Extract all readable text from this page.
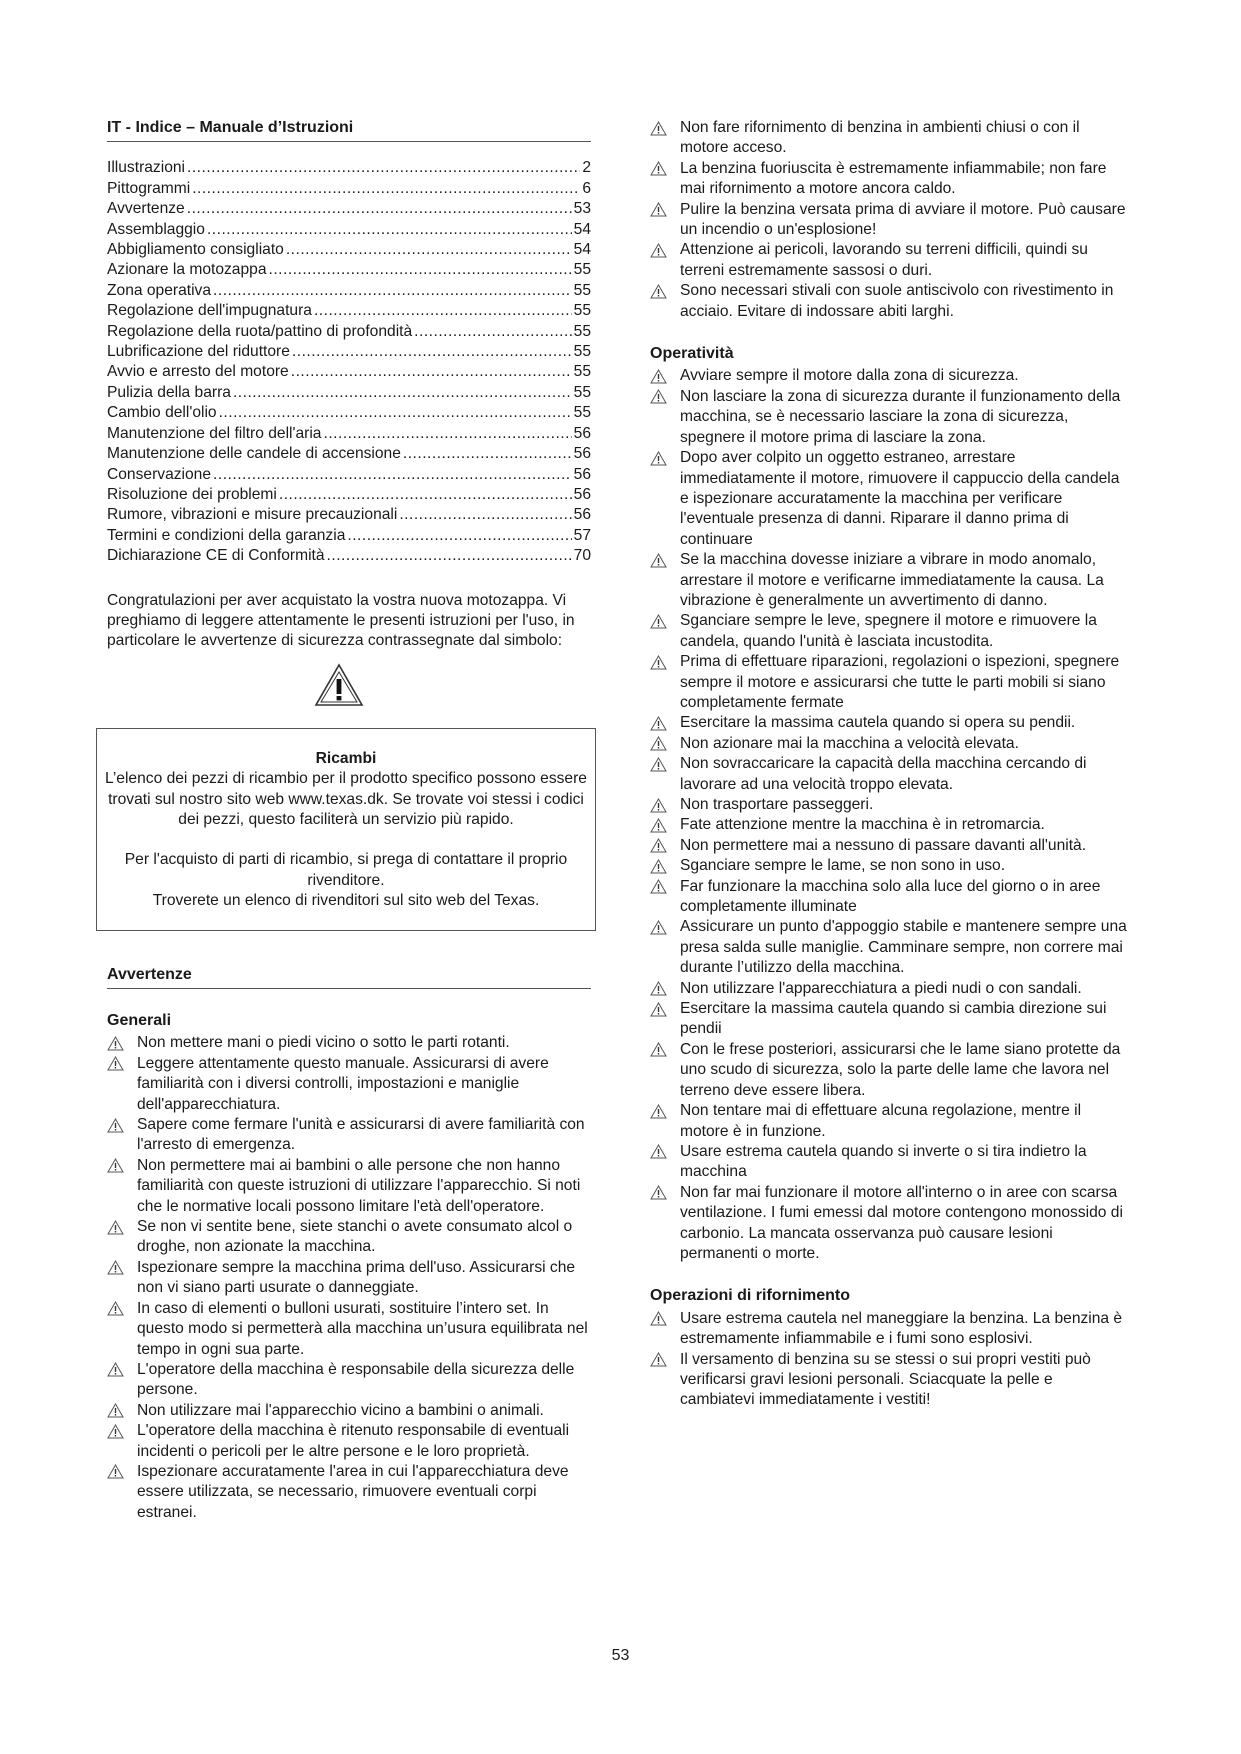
IT - Indice – Manuale d’Istruzioni
Illustrazioni .....	2
Pittogrammi .....	6
Avvertenze .....	53
Assemblaggio .....	54
Abbigliamento consigliato .....	54
Azionare la motozappa .....	55
Zona operativa .....	55
Regolazione dell'impugnatura .....	55
Regolazione della ruota/pattino di profondità .....	55
Lubrificazione del riduttore .....	55
Avvio e arresto del motore .....	55
Pulizia della barra .....	55
Cambio dell'olio .....	55
Manutenzione del filtro dell'aria .....	56
Manutenzione delle candele di accensione .....	56
Conservazione .....	56
Risoluzione dei problemi .....	56
Rumore, vibrazioni e misure precauzionali .....	56
Termini e condizioni della garanzia .....	57
Dichiarazione CE di Conformità .....	70
Congratulazioni per aver acquistato la vostra nuova motozappa. Vi preghiamo di leggere attentamente le presenti istruzioni per l'uso, in particolare le avvertenze di sicurezza contrassegnate dal simbolo:
Ricambi

L’elenco dei pezzi di ricambio per il prodotto specifico possono essere trovati sul nostro sito web www.texas.dk. Se trovate voi stessi i codici dei pezzi, questo faciliterà un servizio più rapido.

Per l'acquisto di parti di ricambio, si prega di contattare il proprio rivenditore.

Troverete un elenco di rivenditori sul sito web del Texas.

Avvertenze
Generali
Non mettere mani o piedi vicino o sotto le parti rotanti.
Leggere attentamente questo manuale. Assicurarsi di avere familiarità con i diversi controlli, impostazioni e maniglie dell'apparecchiatura.
Sapere come fermare l'unità e assicurarsi di avere familiarità con l'arresto di emergenza.
Non permettere mai ai bambini o alle persone che non hanno familiarità con queste istruzioni di utilizzare l'apparecchio. Si noti che le normative locali possono limitare l'età dell'operatore.
Se non vi sentite bene, siete stanchi o avete consumato alcol o droghe, non azionate la macchina.
Ispezionare sempre la macchina prima dell'uso. Assicurarsi che non vi siano parti usurate o danneggiate.
In caso di elementi o bulloni usurati, sostituire l’intero set. In questo modo si permetterà alla macchina un’usura equilibrata nel tempo in ogni sua parte.
L'operatore della macchina è responsabile della sicurezza delle persone.
Non utilizzare mai l'apparecchio vicino a bambini o animali.
L'operatore della macchina è ritenuto responsabile di eventuali incidenti o pericoli per le altre persone e le loro proprietà.
Ispezionare accuratamente l'area in cui l'apparecchiatura deve essere utilizzata, se necessario, rimuovere eventuali corpi estranei.
Non fare rifornimento di benzina in ambienti chiusi o con il motore acceso.
La benzina fuoriuscita è estremamente infiammabile; non fare mai rifornimento a motore ancora caldo.
Pulire la benzina versata prima di avviare il motore. Può causare un incendio o un'esplosione!
Attenzione ai pericoli, lavorando su terreni difficili, quindi su terreni estremamente sassosi o duri.
Sono necessari stivali con suole antiscivolo con rivestimento in acciaio. Evitare di indossare abiti larghi.
Operatività
Avviare sempre il motore dalla zona di sicurezza.
Non lasciare la zona di sicurezza durante il funzionamento della macchina, se è necessario lasciare la zona di sicurezza, spegnere il motore prima di lasciare la zona.
Dopo aver colpito un oggetto estraneo, arrestare immediatamente il motore, rimuovere il cappuccio della candela e ispezionare accuratamente la macchina per verificare l'eventuale presenza di danni. Riparare il danno prima di continuare
Se la macchina dovesse iniziare a vibrare in modo anomalo, arrestare il motore e verificarne immediatamente la causa. La vibrazione è generalmente un avvertimento di danno.
Sganciare sempre le leve, spegnere il motore e rimuovere la candela, quando l'unità è lasciata incustodita.
Prima di effettuare riparazioni, regolazioni o ispezioni, spegnere sempre il motore e assicurarsi che tutte le parti mobili si siano completamente fermate
Esercitare la massima cautela quando si opera su pendii.
Non azionare mai la macchina a velocità elevata.
Non sovraccaricare la capacità della macchina cercando di lavorare ad una velocità troppo elevata.
Non trasportare passeggeri.
Fate attenzione mentre la macchina è in retromarcia.
Non permettere mai a nessuno di passare davanti all'unità.
Sganciare sempre le lame, se non sono in uso.
Far funzionare la macchina solo alla luce del giorno o in aree completamente illuminate
Assicurare un punto d'appoggio stabile e mantenere sempre una presa salda sulle maniglie. Camminare sempre, non correre mai durante l’utilizzo della macchina.
Non utilizzare l'apparecchiatura a piedi nudi o con sandali.
Esercitare la massima cautela quando si cambia direzione sui pendii
Con le frese posteriori, assicurarsi che le lame siano protette da uno scudo di sicurezza, solo la parte delle lame che lavora nel terreno deve essere libera.
Non tentare mai di effettuare alcuna regolazione, mentre il motore è in funzione.
Usare estrema cautela quando si inverte o si tira indietro la macchina
Non far mai funzionare il motore all'interno o in aree con scarsa ventilazione. I fumi emessi dal motore contengono monossido di carbonio. La mancata osservanza può causare lesioni permanenti o morte.
Operazioni di rifornimento
Usare estrema cautela nel maneggiare la benzina. La benzina è estremamente infiammabile e i fumi sono esplosivi.
Il versamento di benzina su se stessi o sui propri vestiti può verificarsi gravi lesioni personali. Sciacquate la pelle e cambiatevi immediatamente i vestiti!
53
